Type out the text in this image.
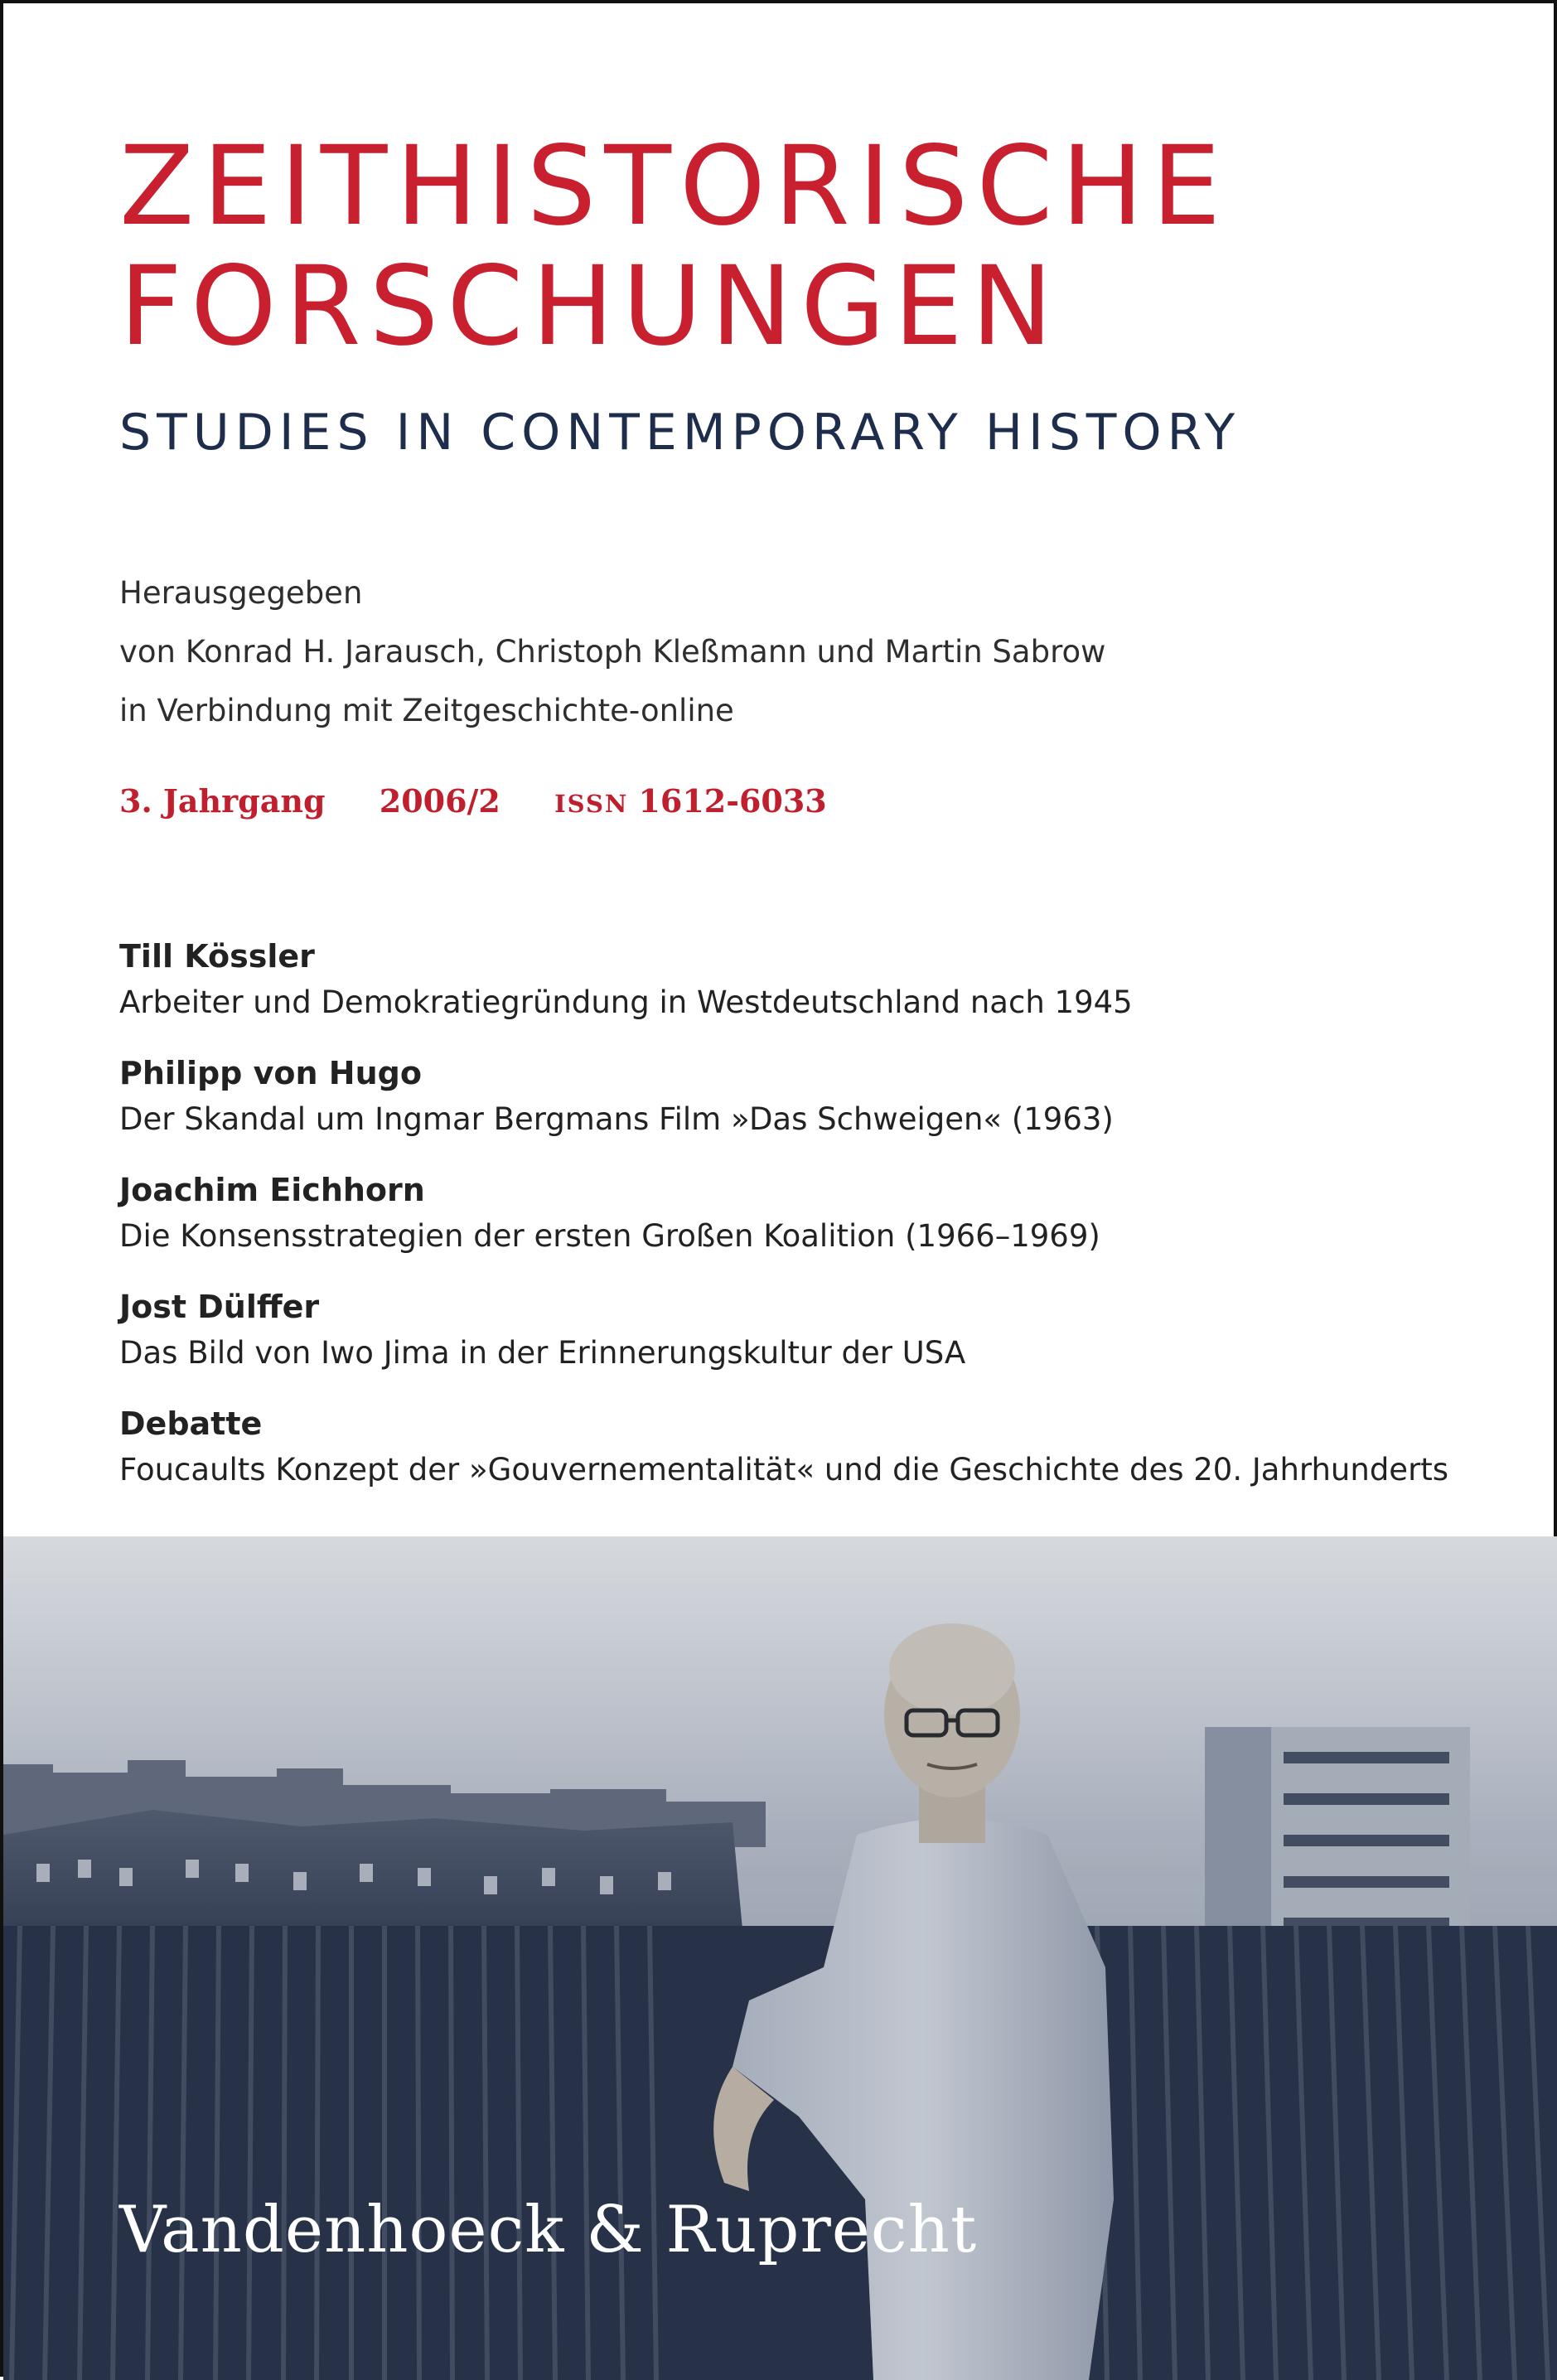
ZEITHISTORISCHE
FORSCHUNGEN
STUDIES IN CONTEMPORARY HISTORY
Herausgegeben
von Konrad H. Jarausch, Christoph Kleßmann und Martin Sabrow
in Verbindung mit Zeitgeschichte-online
3. Jahrgang 2006/2 ISSN 1612-6033
Till Kössler
Arbeiter und Demokratiegründung in Westdeutschland nach 1945
Philipp von Hugo
Der Skandal um Ingmar Bergmans Film »Das Schweigen« (1963)
Joachim Eichhorn
Die Konsensstrategien der ersten Großen Koalition (1966–1969)
Jost Dülffer
Das Bild von Iwo Jima in der Erinnerungskultur der USA
Debatte
Foucaults Konzept der »Gouvernementalität« und die Geschichte des 20. Jahrhunderts
Vandenhoeck & Ruprecht
